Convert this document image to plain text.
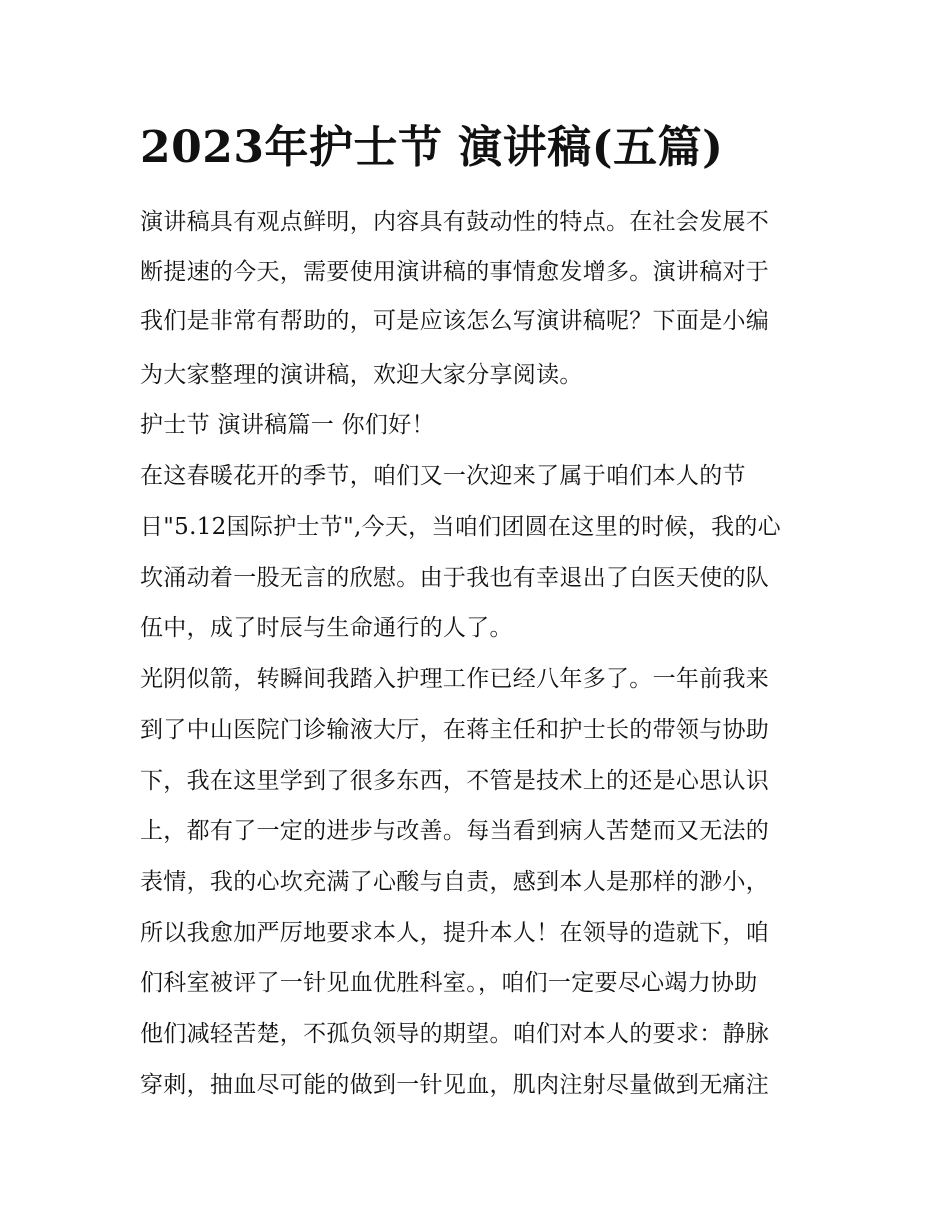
2023年护士节 演讲稿(五篇)
演讲稿具有观点鲜明，内容具有鼓动性的特点。在社会发展不
断提速的今天，需要使用演讲稿的事情愈发增多。演讲稿对于
我们是非常有帮助的，可是应该怎么写演讲稿呢？下面是小编
为大家整理的演讲稿，欢迎大家分享阅读。
护士节 演讲稿篇一 你们好！
在这春暖花开的季节，咱们又一次迎来了属于咱们本人的节
日"5.12国际护士节",今天，当咱们团圆在这里的时候，我的心
坎涌动着一股无言的欣慰。由于我也有幸退出了白医天使的队
伍中，成了时辰与生命通行的人了。
光阴似箭，转瞬间我踏入护理工作已经八年多了。一年前我来
到了中山医院门诊输液大厅，在蒋主任和护士长的带领与协助
下，我在这里学到了很多东西，不管是技术上的还是心思认识
上，都有了一定的进步与改善。每当看到病人苦楚而又无法的
表情，我的心坎充满了心酸与自责，感到本人是那样的渺小，
所以我愈加严厉地要求本人，提升本人！在领导的造就下，咱
们科室被评了一针见血优胜科室。，咱们一定要尽心竭力协助
他们减轻苦楚，不孤负领导的期望。咱们对本人的要求：静脉
穿刺，抽血尽可能的做到一针见血，肌肉注射尽量做到无痛注
